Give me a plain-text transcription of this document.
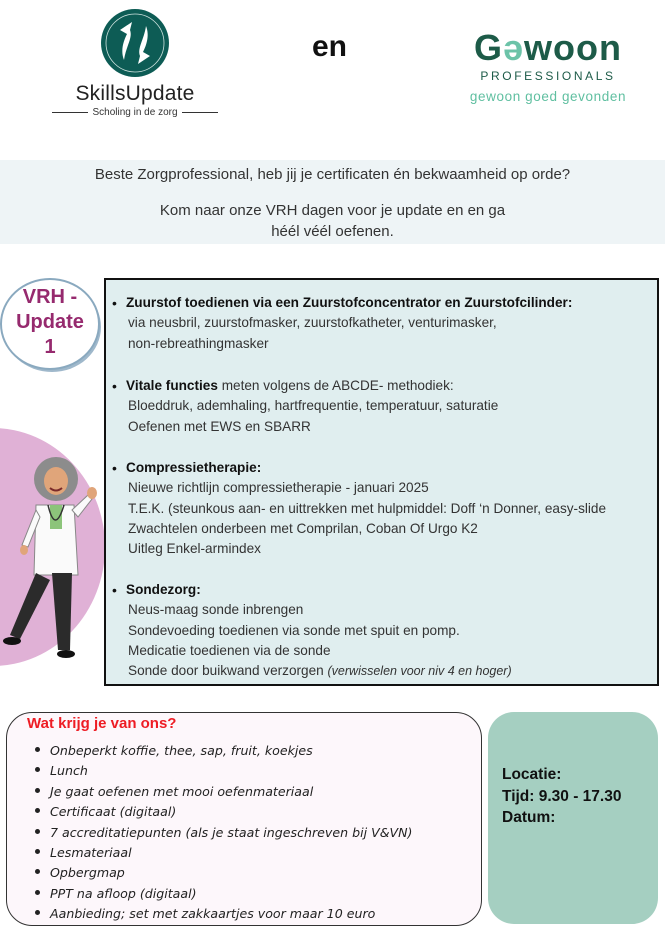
SkillsUpdate
Scholing in de zorg
en	Gəwoon
PROFESSIONALS
gewoon goed gevonden
Beste Zorgprofessional, heb jij je certificaten én bekwaamheid op orde?
Kom naar onze VRH dagen voor je update en en ga héél véél oefenen.
VRH -
Update
1
• Zuurstof toedienen via een Zuurstofconcentrator en Zuurstofcilinder:
via neusbril, zuurstofmasker, zuurstofkatheter, venturimasker,
non-rebreathingmasker
• Vitale functies meten volgens de ABCDE- methodiek:
Bloeddruk, ademhaling, hartfrequentie, temperatuur, saturatie
Oefenen met EWS en SBARR
• Compressietherapie:
Nieuwe richtlijn compressietherapie - januari 2025
T.E.K. (steunkous aan- en uittrekken met hulpmiddel: Doff ‘n Donner, easy-slide
Zwachtelen onderbeen met Comprilan, Coban Of Urgo K2
Uitleg Enkel-armindex
• Sondezorg:
Neus-maag sonde inbrengen
Sondevoeding toedienen via sonde met spuit en pomp.
Medicatie toedienen via de sonde
Sonde door buikwand verzorgen (verwisselen voor niv 4 en hoger)
Wat krijg je van ons?
Onbeperkt koffie, thee, sap, fruit, koekjes
Lunch
Je gaat oefenen met mooi oefenmateriaal
Certificaat (digitaal)
7 accreditatiepunten (als je staat ingeschreven bij V&VN)
Lesmateriaal
Opbergmap
PPT na afloop (digitaal)
Aanbieding; set met zakkaartjes voor maar 10 euro
Locatie:
Tijd: 9.30 - 17.30
Datum:
